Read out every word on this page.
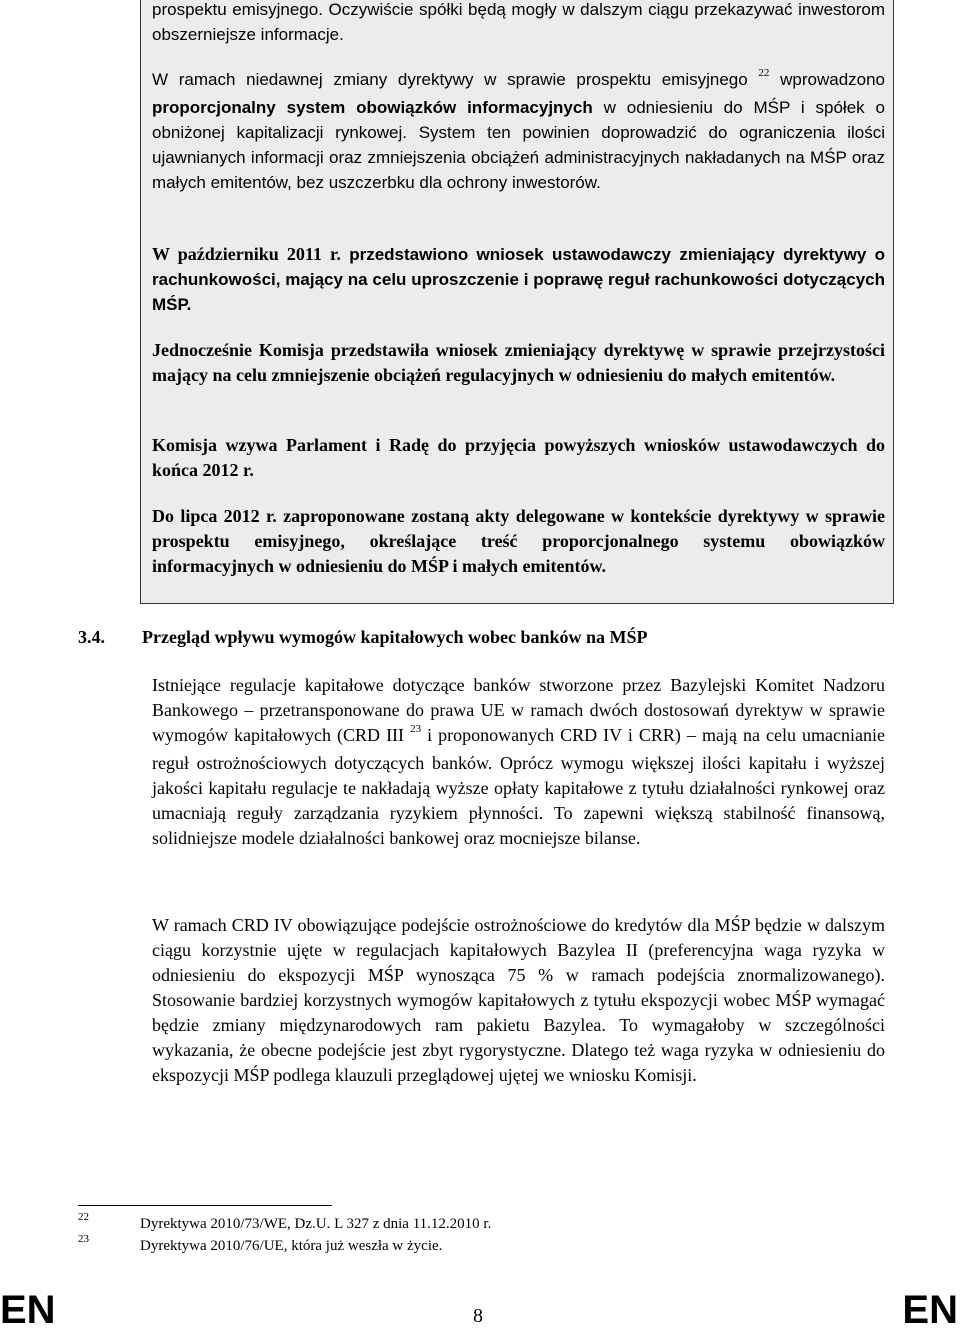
prospektu emisyjnego. Oczywiście spółki będą mogły w dalszym ciągu przekazywać inwestorom obszerniejsze informacje.

W ramach niedawnej zmiany dyrektywy w sprawie prospektu emisyjnego $^{22}$ wprowadzono proporcjonalny system obowiązków informacyjnych w odniesieniu do MŚP i spółek o obniżonej kapitalizacji rynkowej. System ten powinien doprowadzić do ograniczenia ilości ujawnianych informacji oraz zmniejszenia obciążeń administracyjnych nakładanych na MŚP oraz małych emitentów, bez uszczerbku dla ochrony inwestorów.

W październiku 2011 r. przedstawiono wniosek ustawodawczy zmieniający dyrektywy o rachunkowości, mający na celu uproszczenie i poprawę reguł rachunkowości dotyczących MŚP.

Jednocześnie Komisja przedstawiła wniosek zmieniający dyrektywę w sprawie przejrzystości mający na celu zmniejszenie obciążeń regulacyjnych w odniesieniu do małych emitentów.

Komisja wzywa Parlament i Radę do przyjęcia powyższych wniosków ustawodawczych do końca 2012 r.

Do lipca 2012 r. zaproponowane zostaną akty delegowane w kontekście dyrektywy w sprawie prospektu emisyjnego, określające treść proporcjonalnego systemu obowiązków informacyjnych w odniesieniu do MŚP i małych emitentów.

3.4. Przegląd wpływu wymogów kapitałowych wobec banków na MŚP

Istniejące regulacje kapitałowe dotyczące banków stworzone przez Bazylejski Komitet Nadzoru Bankowego – przetransponowane do prawa UE w ramach dwóch dostosowań dyrektyw w sprawie wymogów kapitałowych (CRD III $^{23}$ i proponowanych CRD IV i CRR) – mają na celu umacnianie reguł ostrożnościowych dotyczących banków. Oprócz wymogu większej ilości kapitału i wyższej jakości kapitału regulacje te nakładają wyższe opłaty kapitałowe z tytułu działalności rynkowej oraz umacniają reguły zarządzania ryzykiem płynności. To zapewni większą stabilność finansową, solidniejsze modele działalności bankowej oraz mocniejsze bilanse.

W ramach CRD IV obowiązujące podejście ostrożnościowe do kredytów dla MŚP będzie w dalszym ciągu korzystnie ujęte w regulacjach kapitałowych Bazylea II (preferencyjna waga ryzyka w odniesieniu do ekspozycji MŚP wynosząca 75 % w ramach podejścia znormalizowanego). Stosowanie bardziej korzystnych wymogów kapitałowych z tytułu ekspozycji wobec MŚP wymagać będzie zmiany międzynarodowych ram pakietu Bazylea. To wymagałoby w szczególności wykazania, że obecne podejście jest zbyt rygorystyczne. Dlatego też waga ryzyka w odniesieniu do ekspozycji MŚP podlega klauzuli przeglądowej ujętej we wniosku Komisji.

22	Dyrektywa 2010/73/WE, Dz.U. L 327 z dnia 11.12.2010 r.
23	Dyrektywa 2010/76/UE, która już weszła w życie.
EN	8	EN
